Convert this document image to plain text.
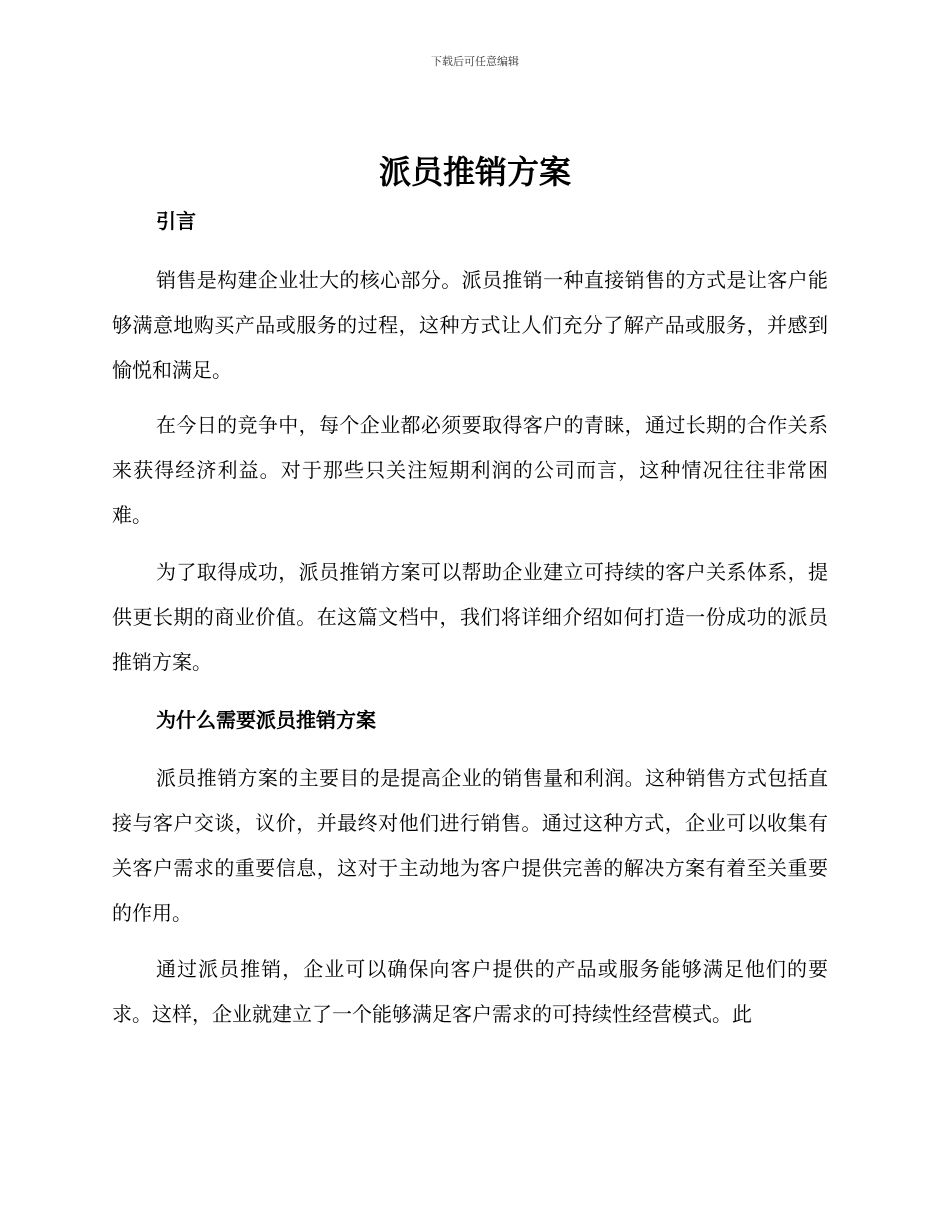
下载后可任意编辑
派员推销方案
引言

销售是构建企业壮大的核心部分。派员推销一种直接销售的方式是让客户能够满意地购买产品或服务的过程，这种方式让人们充分了解产品或服务，并感到愉悦和满足。

在今日的竞争中，每个企业都必须要取得客户的青睐，通过长期的合作关系来获得经济利益。对于那些只关注短期利润的公司而言，这种情况往往非常困难。

为了取得成功，派员推销方案可以帮助企业建立可持续的客户关系体系，提供更长期的商业价值。在这篇文档中，我们将详细介绍如何打造一份成功的派员推销方案。

为什么需要派员推销方案

派员推销方案的主要目的是提高企业的销售量和利润。这种销售方式包括直接与客户交谈，议价，并最终对他们进行销售。通过这种方式，企业可以收集有关客户需求的重要信息，这对于主动地为客户提供完善的解决方案有着至关重要的作用。

通过派员推销，企业可以确保向客户提供的产品或服务能够满足他们的要求。这样，企业就建立了一个能够满足客户需求的可持续性经营模式。此
